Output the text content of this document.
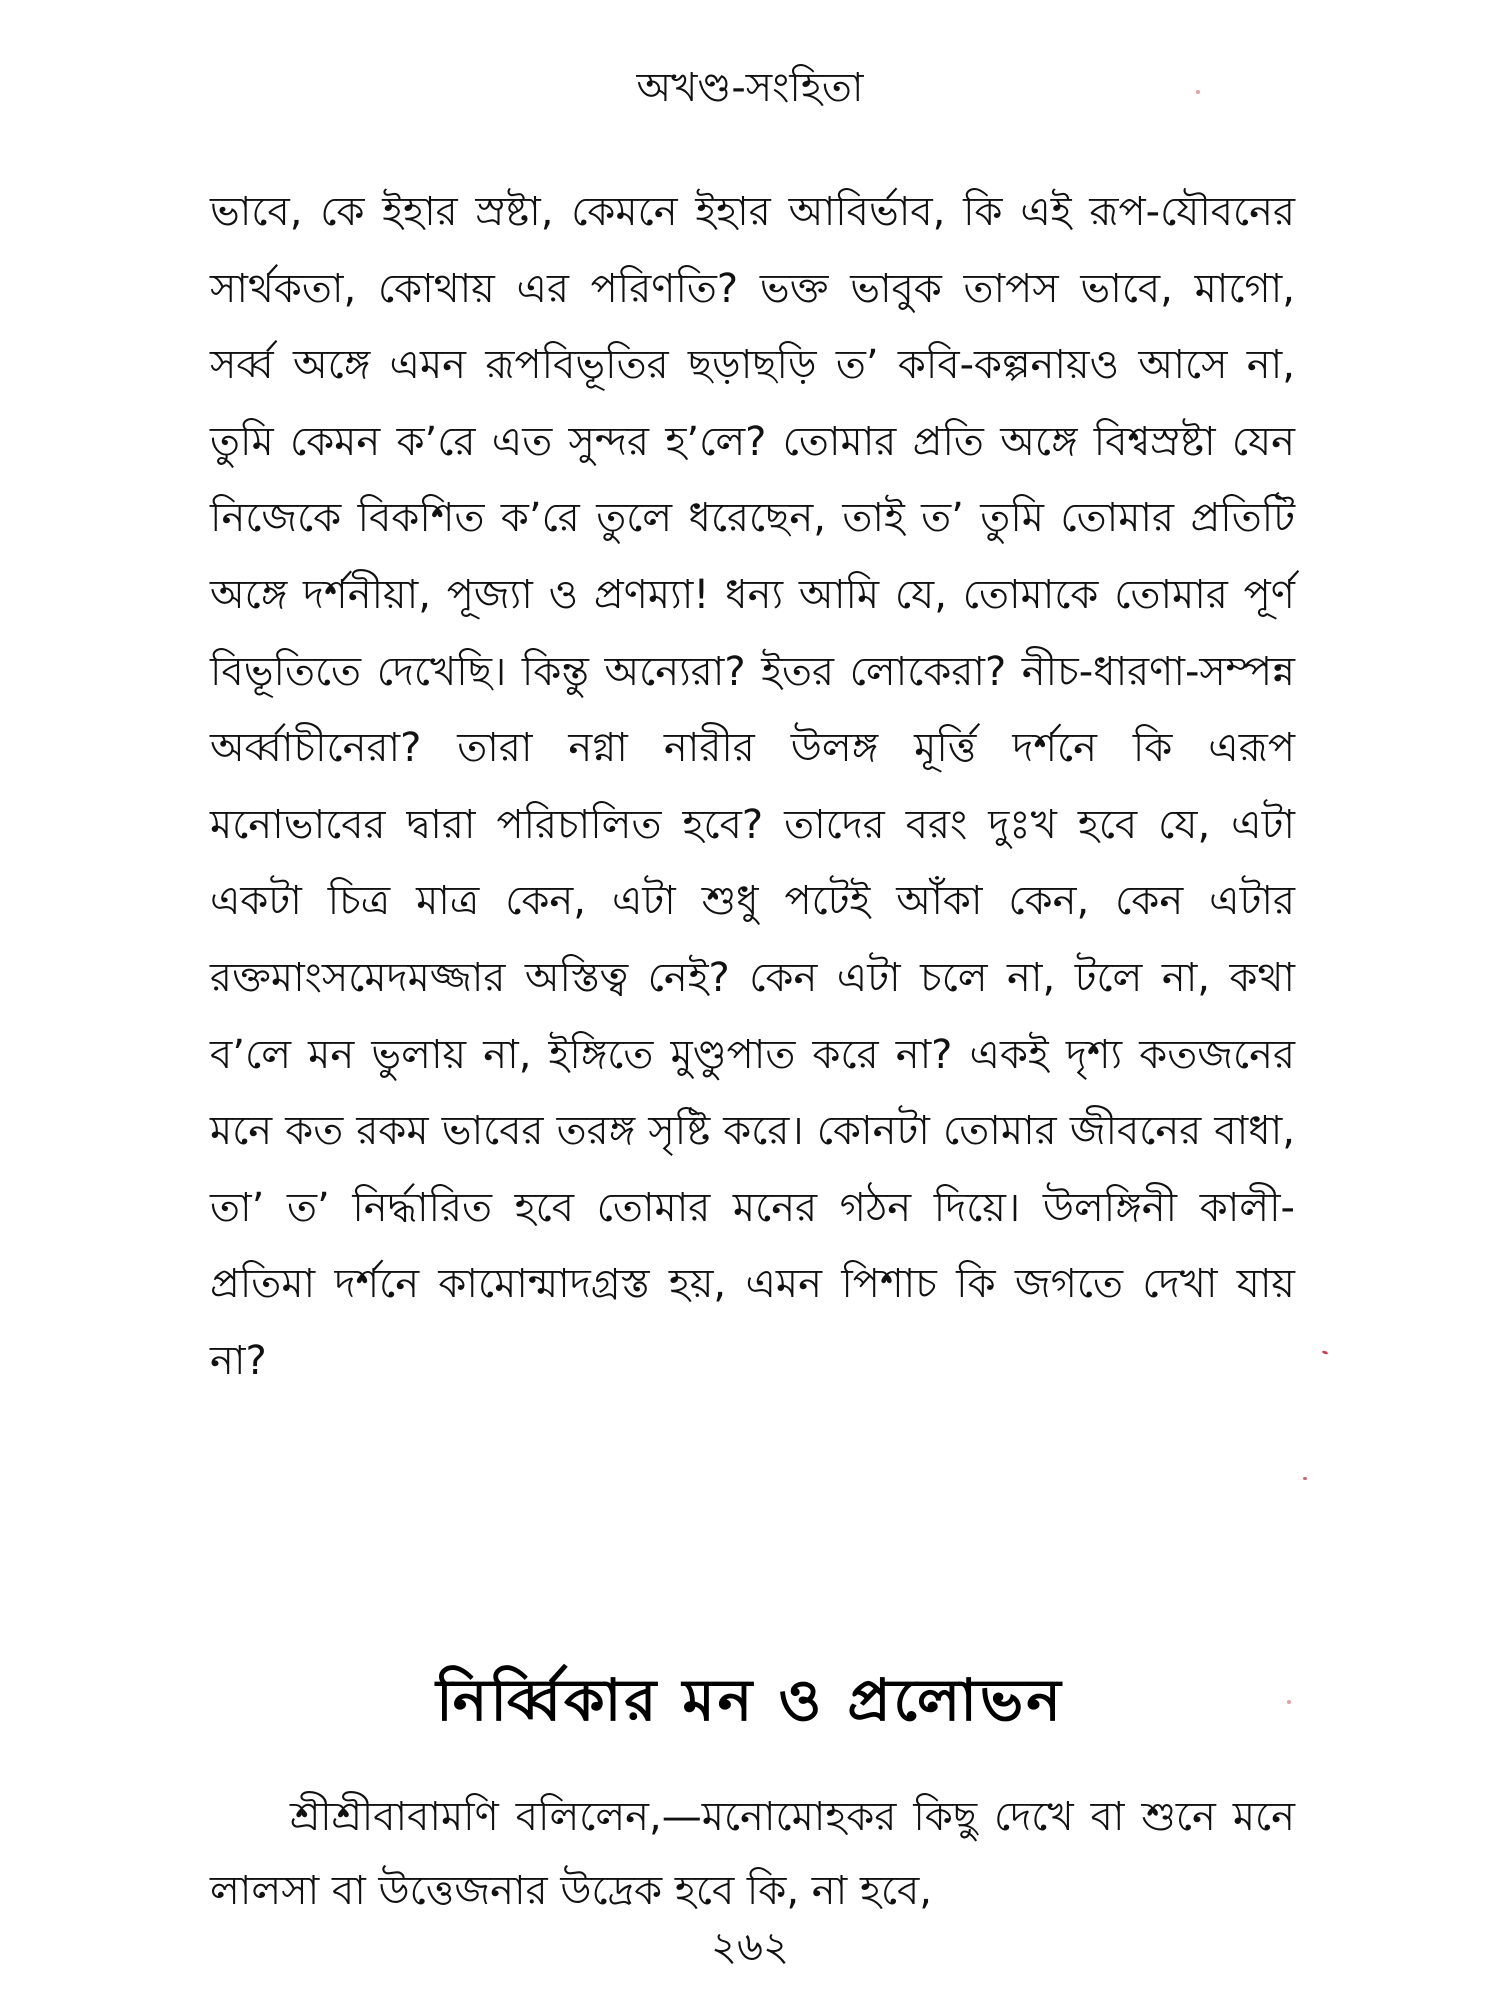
অখণ্ড-সংহিতা

ভাবে, কে ইহার স্রষ্টা, কেমনে ইহার আবির্ভাব, কি এই রূপ-যৌবনের সার্থকতা, কোথায় এর পরিণতি? ভক্ত ভাবুক তাপস ভাবে, মাগো, সর্ব্ব অঙ্গে এমন রূপবিভূতির ছড়াছড়ি ত’ কবি-কল্পনায়ও আসে না, তুমি কেমন ক’রে এত সুন্দর হ’লে? তোমার প্রতি অঙ্গে বিশ্বস্রষ্টা যেন নিজেকে বিকশিত ক’রে তুলে ধরেছেন, তাই ত’ তুমি তোমার প্রতিটি অঙ্গে দর্শনীয়া, পূজ্যা ও প্রণম্যা! ধন্য আমি যে, তোমাকে তোমার পূর্ণ বিভূতিতে দেখেছি। কিন্তু অন্যেরা? ইতর লোকেরা? নীচ-ধারণা-সম্পন্ন অর্ব্বাচীনেরা? তারা নগ্না নারীর উলঙ্গ মূর্ত্তি দর্শনে কি এরূপ মনোভাবের দ্বারা পরিচালিত হবে? তাদের বরং দুঃখ হবে যে, এটা একটা চিত্র মাত্র কেন, এটা শুধু পটেই আঁকা কেন, কেন এটার রক্তমাংসমেদমজ্জার অস্তিত্ব নেই? কেন এটা চলে না, টলে না, কথা ব’লে মন ভুলায় না, ইঙ্গিতে মুণ্ডুপাত করে না? একই দৃশ্য কতজনের মনে কত রকম ভাবের তরঙ্গ সৃষ্টি করে। কোনটা তোমার জীবনের বাধা, তা’ ত’ নির্দ্ধারিত হবে তোমার মনের গঠন দিয়ে। উলঙ্গিনী কালী-প্রতিমা দর্শনে কামোন্মাদগ্রস্ত হয়, এমন পিশাচ কি জগতে দেখা যায় না?

নির্ব্বিকার মন ও প্রলোভন

শ্রীশ্রীবাবামণি বলিলেন,—মনোমোহকর কিছু দেখে বা শুনে মনে লালসা বা উত্তেজনার উদ্রেক হবে কি, না হবে,

২৬২
